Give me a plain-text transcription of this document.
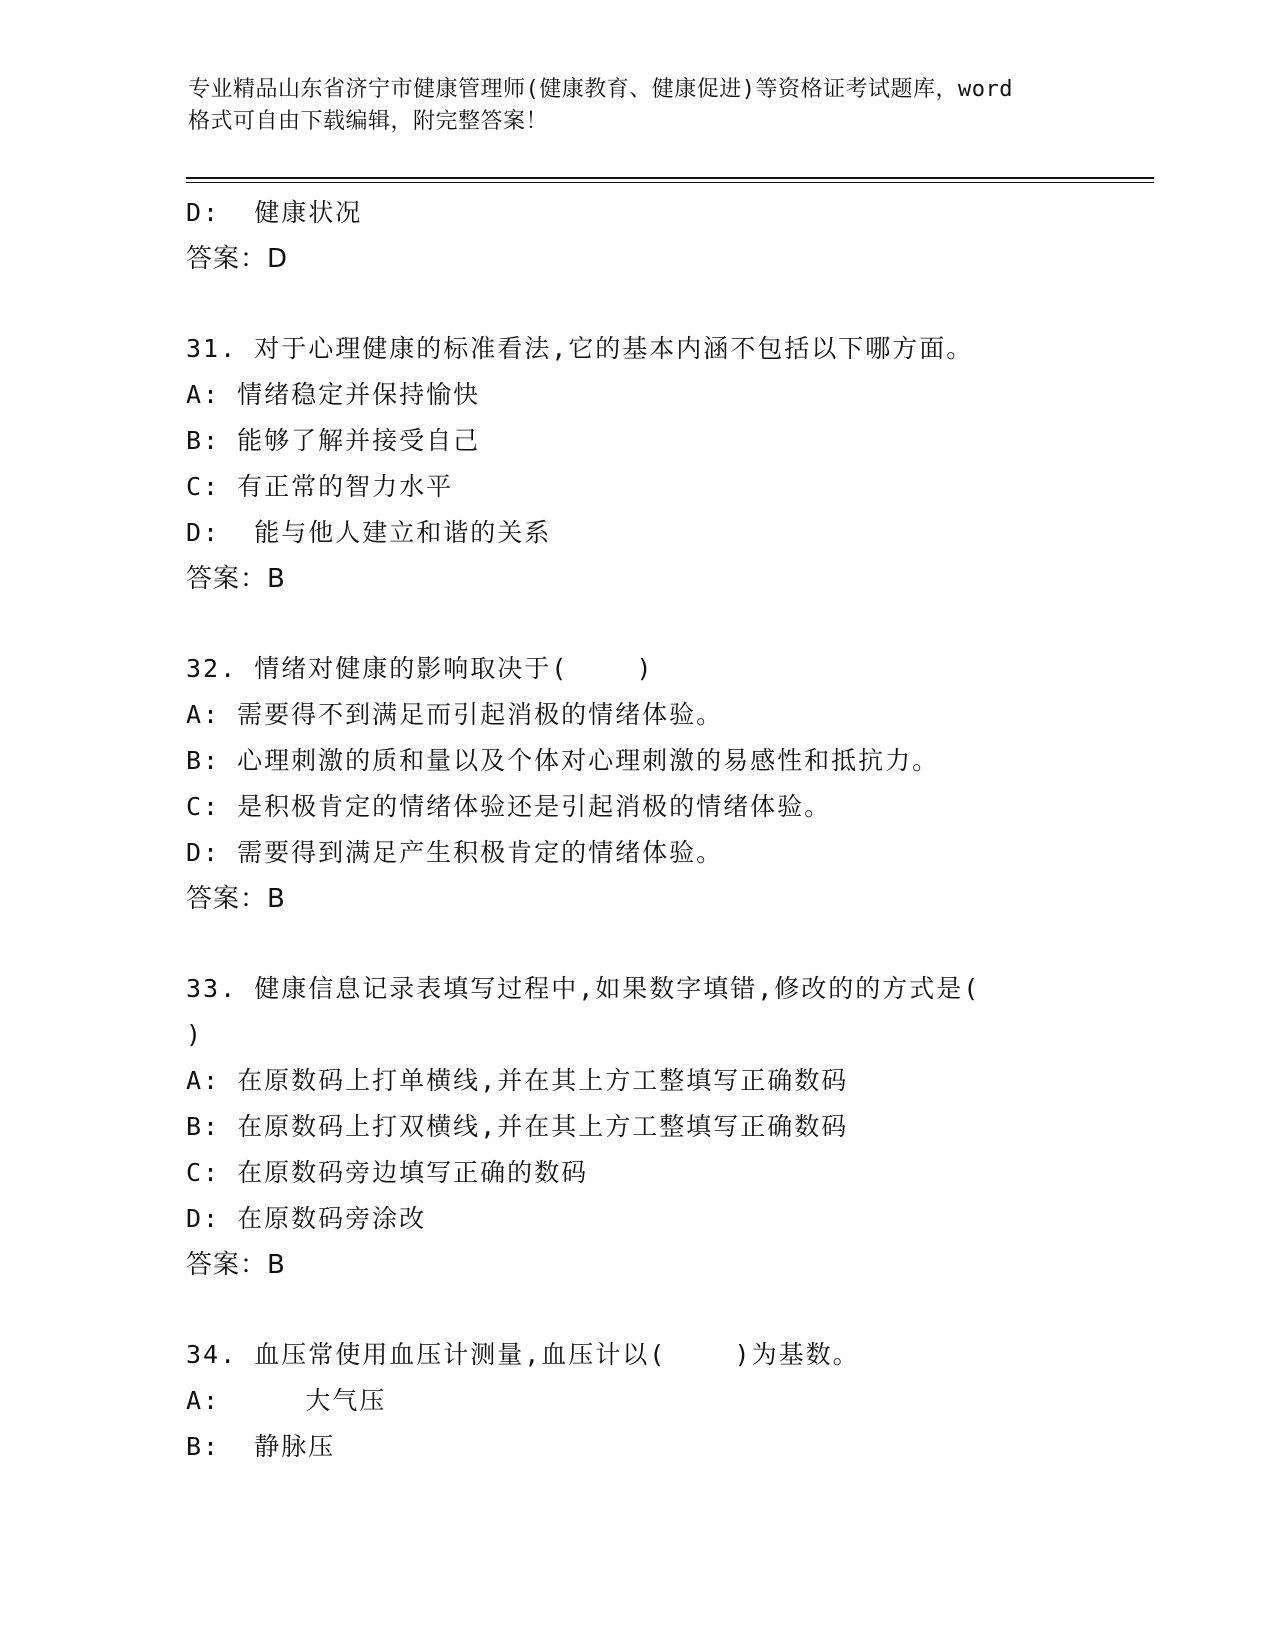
专业精品山东省济宁市健康管理师(健康教育、健康促进)等资格证考试题库，word
格式可自由下载编辑，附完整答案！
D:  健康状况
答案：D
31. 对于心理健康的标准看法,它的基本内涵不包括以下哪方面。
A: 情绪稳定并保持愉快
B: 能够了解并接受自己
C: 有正常的智力水平
D:  能与他人建立和谐的关系
答案：B
32. 情绪对健康的影响取决于(    )
A: 需要得不到满足而引起消极的情绪体验。
B: 心理刺激的质和量以及个体对心理刺激的易感性和抵抗力。
C: 是积极肯定的情绪体验还是引起消极的情绪体验。
D: 需要得到满足产生积极肯定的情绪体验。
答案：B
33. 健康信息记录表填写过程中,如果数字填错,修改的的方式是(
)
A: 在原数码上打单横线,并在其上方工整填写正确数码
B: 在原数码上打双横线,并在其上方工整填写正确数码
C: 在原数码旁边填写正确的数码
D: 在原数码旁涂改
答案：B
34. 血压常使用血压计测量,血压计以(    )为基数。
A:     大气压
B:  静脉压
